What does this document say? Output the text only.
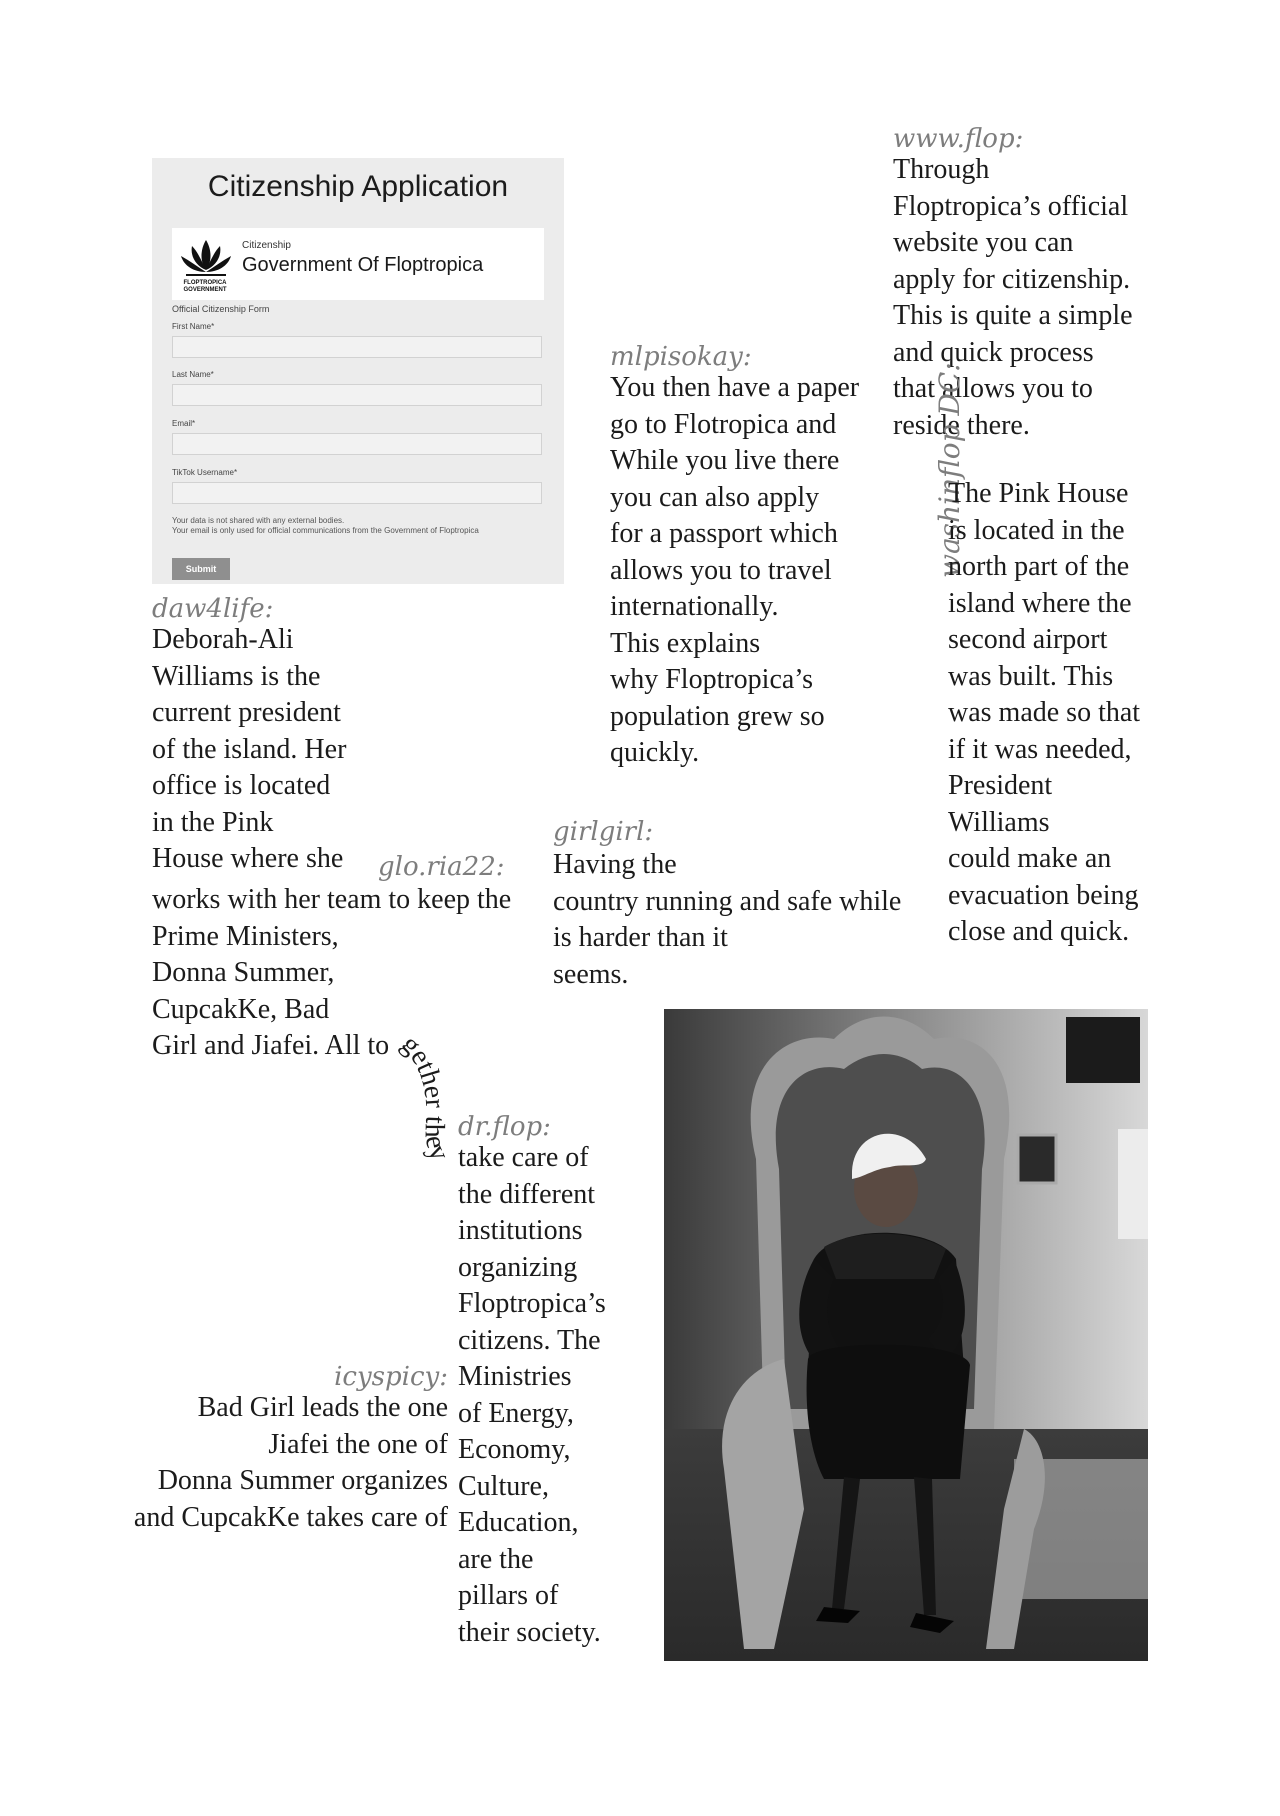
Citizenship Application
FLOPTROPICA GOVERNMENT
Citizenship
Government Of Floptropica
Official Citizenship Form
First Name*
Last Name*
Email*
TikTok Username*
Your data is not shared with any external bodies.
Your email is only used for official communications from the Government of Floptropica
Submit
www.flop:
Through
Floptropica’s official
website you can
apply for citizenship.
This is quite a simple
and quick process
that allows you to
reside there.
mlpisokay:
You then have a paper
go to Flotropica and
While you live there
you can also apply
for a passport which
allows you to travel
internationally.
This explains
why Floptropica’s
population grew so
quickly.
washinflop DC:
The Pink House
is located in the
north part of the
island where the
second airport
was built. This
was made so that
if it was needed,
President
Williams
could make an
evacuation being
close and quick.
daw4life:
Deborah-Ali
Williams is the
current president
of the island. Her
office is located
in the Pink
House where she glo.ria22:
works with her team to keep the
Prime Ministers,
Donna Summer,
CupcakKe, Bad
Girl and Jiafei. All to gether they
girlgirl:
Having the
country running and safe while
is harder than it
seems.
dr.flop:
take care of
the different
institutions
organizing
Floptropica’s
citizens. The
Ministries
of Energy,
Economy,
Culture,
Education,
are the
pillars of
their society.
icyspicy:
Bad Girl leads the one
Jiafei the one of
Donna Summer organizes
and CupcakKe takes care of
